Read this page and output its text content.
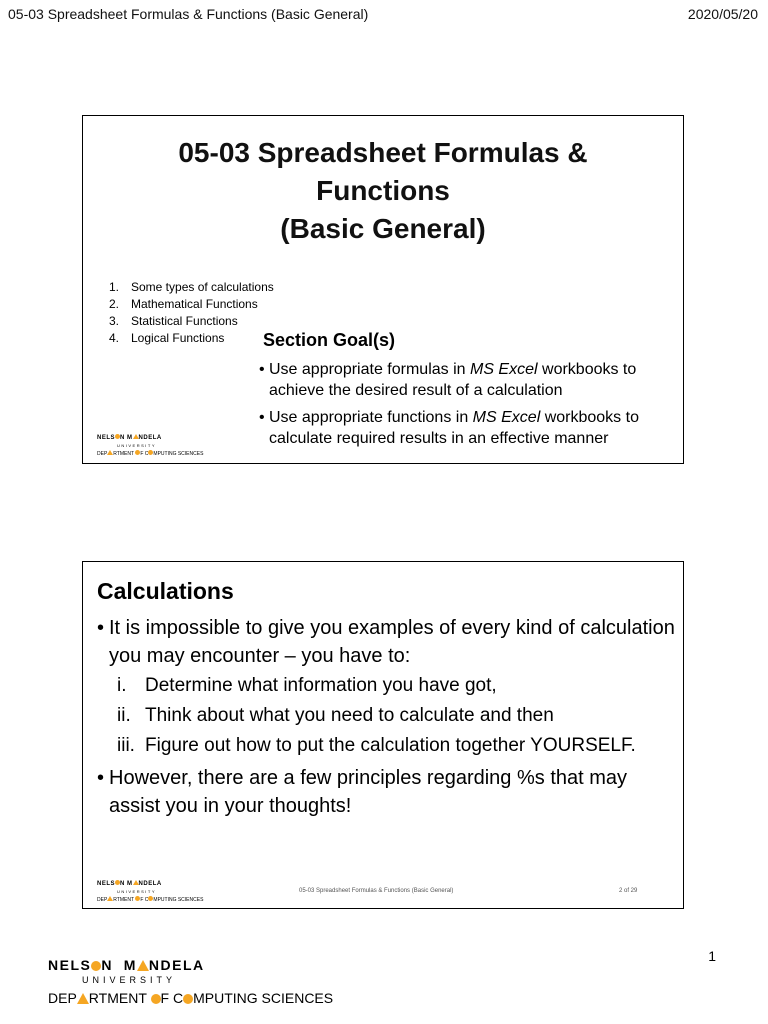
05-03 Spreadsheet Formulas & Functions (Basic General)	2020/05/20
05-03 Spreadsheet Formulas &
Functions
(Basic General)
1. Some types of calculations
2. Mathematical Functions
3. Statistical Functions
4. Logical Functions Section Goal(s)
• Use appropriate formulas in MS Excel workbooks to achieve the desired result of a calculation
• Use appropriate functions in MS Excel workbooks to calculate required results in an effective manner
NELS N M NDELA
UNIVERSITY
DEP RTMENT F C MPUTING SCIENCES
Calculations
• It is impossible to give you examples of every kind of calculation you may encounter – you have to:
i. Determine what information you have got,
ii. Think about what you need to calculate and then
iii. Figure out how to put the calculation together YOURSELF.
• However, there are a few principles regarding %s that may assist you in your thoughts!
NELS N M NDELA
UNIVERSITY
DEP RTMENT F C MPUTING SCIENCES
05-03 Spreadsheet Formulas & Functions (Basic General)	2 of 29
1
NELS N M NDELA
UNIVERSITY
DEP RTMENT F C MPUTING SCIENCES
